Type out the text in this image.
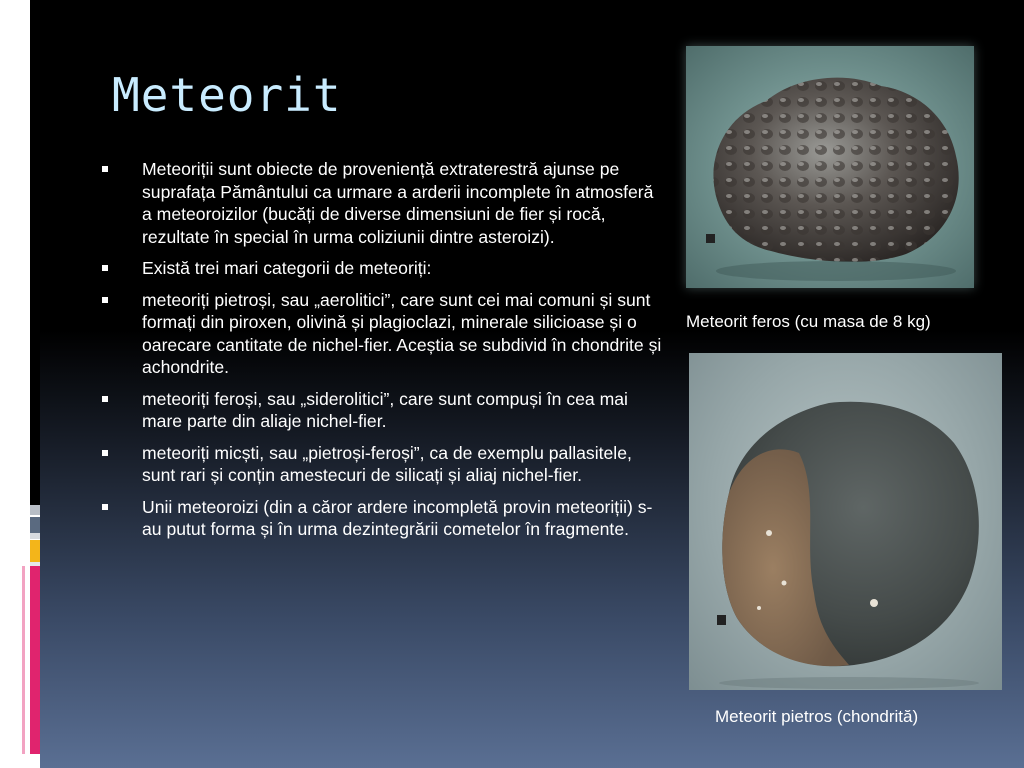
Meteorit
Meteoriții sunt obiecte de proveniență extraterestră ajunse pe suprafața Pământului ca urmare a arderii incomplete în atmosferă a meteoroizilor (bucăți de diverse dimensiuni de fier și rocă, rezultate în special în urma coliziunii dintre asteroizi).
Există trei mari categorii de meteoriți:
meteoriți pietroși, sau „aerolitici”, care sunt cei mai comuni și sunt formați din piroxen, olivină și plagioclazi, minerale silicioase și o oarecare cantitate de nichel-fier. Aceștia se subdivid în chondrite și achondrite.
meteoriți feroși, sau „siderolitici”, care sunt compuși în cea mai mare parte din aliaje nichel-fier.
meteoriți micști, sau „pietroși-feroși”, ca de exemplu pallasitele, sunt rari și conțin amestecuri de silicați și aliaj nichel-fier.
Unii meteoroizi (din a căror ardere incompletă provin meteoriții) s-au putut forma și în urma dezintegrării cometelor în fragmente.
Meteorit feros (cu masa de 8 kg)
Meteorit pietros (chondrită)
